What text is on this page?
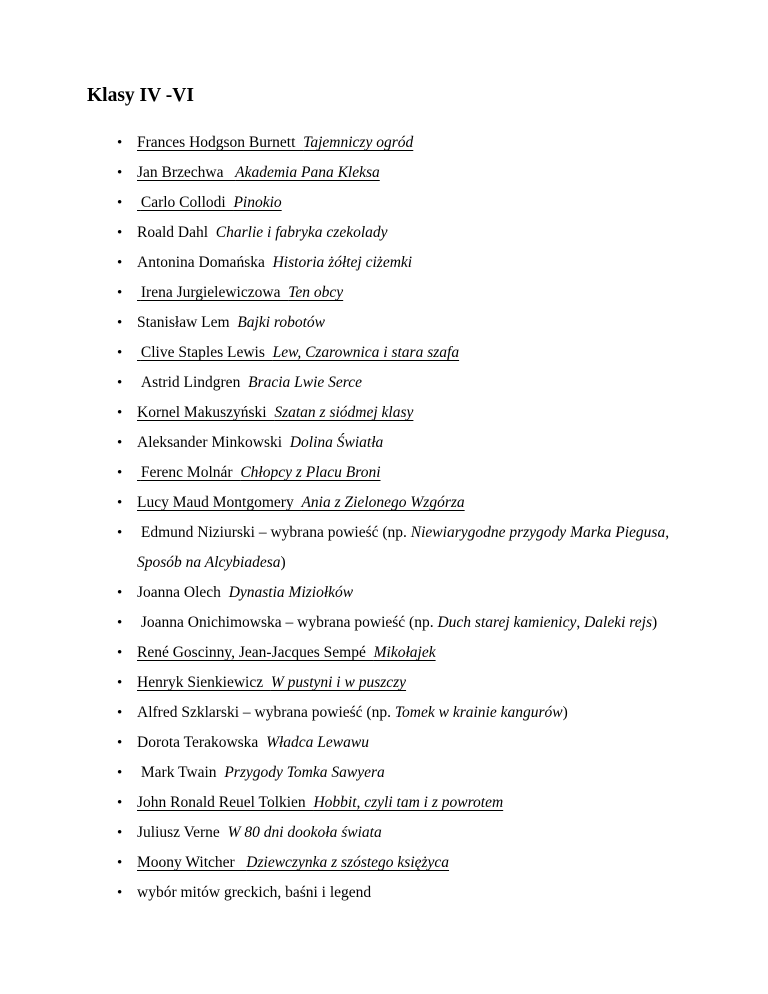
Klasy IV -VI
• Frances Hodgson Burnett  Tajemniczy ogród
• Jan Brzechwa   Akademia Pana Kleksa
• Carlo Collodi  Pinokio
• Roald Dahl  Charlie i fabryka czekolady
• Antonina Domańska  Historia żółtej ciżemki
• Irena Jurgielewiczowa  Ten obcy
• Stanisław Lem  Bajki robotów
• Clive Staples Lewis  Lew, Czarownica i stara szafa
• Astrid Lindgren  Bracia Lwie Serce
• Kornel Makuszyński  Szatan z siódmej klasy
• Aleksander Minkowski  Dolina Światła
• Ferenc Molnár  Chłopcy z Placu Broni
• Lucy Maud Montgomery  Ania z Zielonego Wzgórza
• Edmund Niziurski – wybrana powieść (np. Niewiarygodne przygody Marka Piegusa, Sposób na Alcybiadesa)
• Joanna Olech  Dynastia Miziołków
• Joanna Onichimowska – wybrana powieść (np. Duch starej kamienicy, Daleki rejs)
• René Goscinny, Jean-Jacques Sempé  Mikołajek
• Henryk Sienkiewicz  W pustyni i w puszczy
• Alfred Szklarski – wybrana powieść (np. Tomek w krainie kangurów)
• Dorota Terakowska  Władca Lewawu
• Mark Twain  Przygody Tomka Sawyera
• John Ronald Reuel Tolkien  Hobbit, czyli tam i z powrotem
• Juliusz Verne  W 80 dni dookoła świata
• Moony Witcher   Dziewczynka z szóstego księżyca
• wybór mitów greckich, baśni i legend
